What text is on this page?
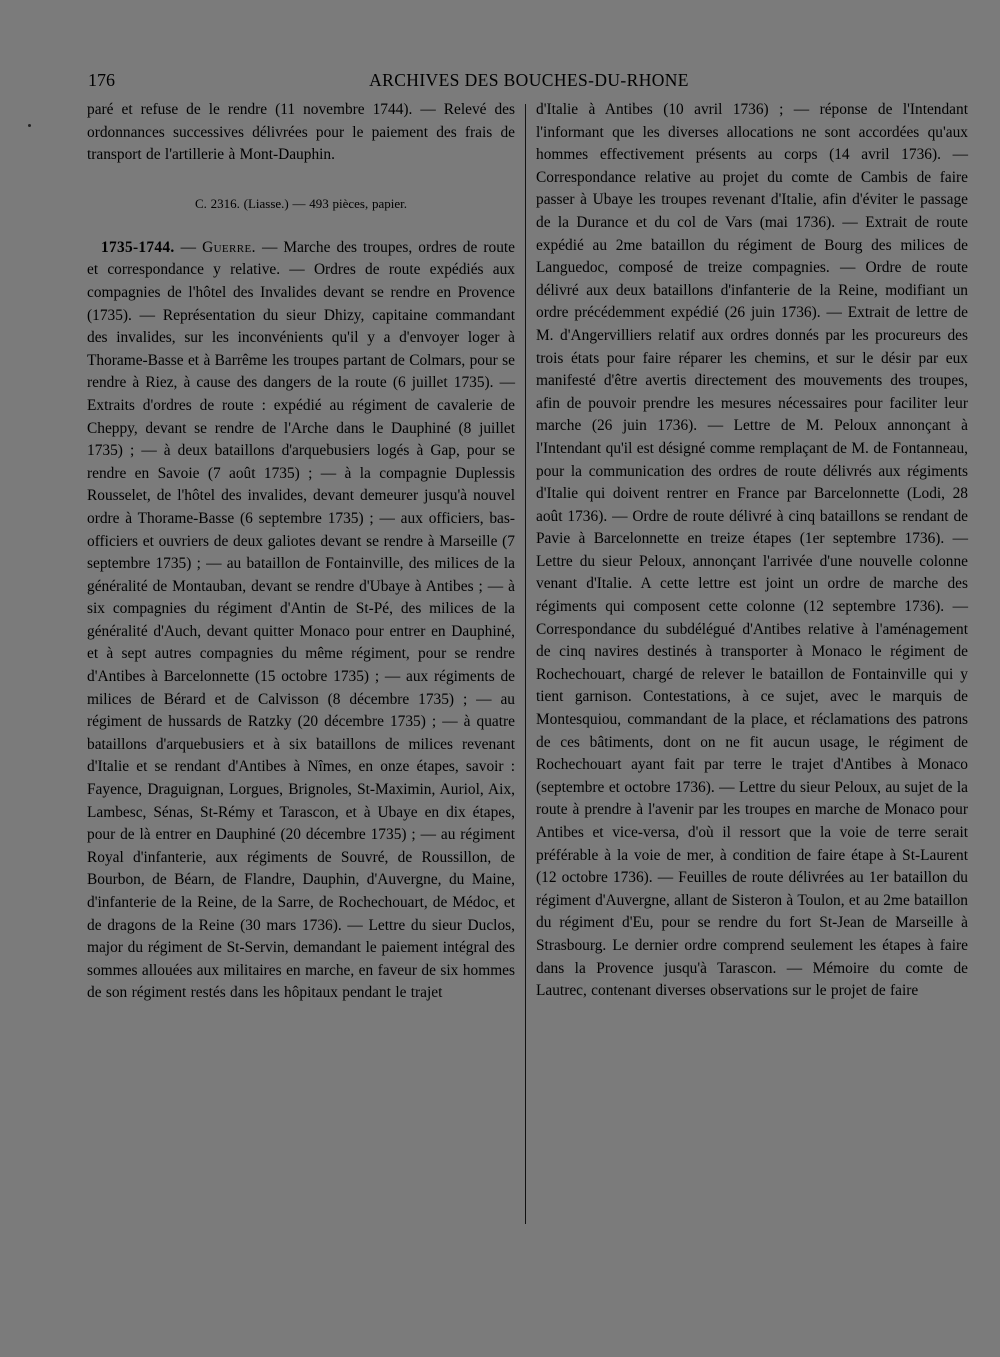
176	ARCHIVES DES BOUCHES-DU-RHONE

paré et refuse de le rendre (11 novembre 1744). — Relevé des ordonnances successives délivrées pour le paiement des frais de transport de l'artillerie à Mont-Dauphin.

C. 2316. (Liasse.) — 493 pièces, papier.

1735-1744. — Guerre. — Marche des troupes, ordres de route et correspondance y relative. — Ordres de route expédiés aux compagnies de l'hôtel des Invalides devant se rendre en Provence (1735). — Représentation du sieur Dhizy, capitaine commandant des invalides, sur les inconvénients qu'il y a d'envoyer loger à Thorame-Basse et à Barrême les troupes partant de Colmars, pour se rendre à Riez, à cause des dangers de la route (6 juillet 1735). — Extraits d'ordres de route : expédié au régiment de cavalerie de Cheppy, devant se rendre de l'Arche dans le Dauphiné (8 juillet 1735) ; — à deux bataillons d'arquebusiers logés à Gap, pour se rendre en Savoie (7 août 1735) ; — à la compagnie Duplessis Rousselet, de l'hôtel des invalides, devant demeurer jusqu'à nouvel ordre à Thorame-Basse (6 septembre 1735) ; — aux officiers, bas-officiers et ouvriers de deux galiotes devant se rendre à Marseille (7 septembre 1735) ; — au bataillon de Fontainville, des milices de la généralité de Montauban, devant se rendre d'Ubaye à Antibes ; — à six compagnies du régiment d'Antin de St-Pé, des milices de la généralité d'Auch, devant quitter Monaco pour entrer en Dauphiné, et à sept autres compagnies du même régiment, pour se rendre d'Antibes à Barcelonnette (15 octobre 1735) ; — aux régiments de milices de Bérard et de Calvisson (8 décembre 1735) ; — au régiment de hussards de Ratzky (20 décembre 1735) ; — à quatre bataillons d'arquebusiers et à six bataillons de milices revenant d'Italie et se rendant d'Antibes à Nîmes, en onze étapes, savoir : Fayence, Draguignan, Lorgues, Brignoles, St-Maximin, Auriol, Aix, Lambesc, Sénas, St-Rémy et Tarascon, et à Ubaye en dix étapes, pour de là entrer en Dauphiné (20 décembre 1735) ; — au régiment Royal d'infanterie, aux régiments de Souvré, de Roussillon, de Bourbon, de Béarn, de Flandre, Dauphin, d'Auvergne, du Maine, d'infanterie de la Reine, de la Sarre, de Rochechouart, de Médoc, et de dragons de la Reine (30 mars 1736). — Lettre du sieur Duclos, major du régiment de St-Servin, demandant le paiement intégral des sommes allouées aux militaires en marche, en faveur de six hommes de son régiment restés dans les hôpitaux pendant le trajet

d'Italie à Antibes (10 avril 1736) ; — réponse de l'Intendant l'informant que les diverses allocations ne sont accordées qu'aux hommes effectivement présents au corps (14 avril 1736). — Correspondance relative au projet du comte de Cambis de faire passer à Ubaye les troupes revenant d'Italie, afin d'éviter le passage de la Durance et du col de Vars (mai 1736). — Extrait de route expédié au 2me bataillon du régiment de Bourg des milices de Languedoc, composé de treize compagnies. — Ordre de route délivré aux deux bataillons d'infanterie de la Reine, modifiant un ordre précédemment expédié (26 juin 1736). — Extrait de lettre de M. d'Angervilliers relatif aux ordres donnés par les procureurs des trois états pour faire réparer les chemins, et sur le désir par eux manifesté d'être avertis directement des mouvements des troupes, afin de pouvoir prendre les mesures nécessaires pour faciliter leur marche (26 juin 1736). — Lettre de M. Peloux annonçant à l'Intendant qu'il est désigné comme remplaçant de M. de Fontanneau, pour la communication des ordres de route délivrés aux régiments d'Italie qui doivent rentrer en France par Barcelonnette (Lodi, 28 août 1736). — Ordre de route délivré à cinq bataillons se rendant de Pavie à Barcelonnette en treize étapes (1er septembre 1736). — Lettre du sieur Peloux, annonçant l'arrivée d'une nouvelle colonne venant d'Italie. A cette lettre est joint un ordre de marche des régiments qui composent cette colonne (12 septembre 1736). — Correspondance du subdélégué d'Antibes relative à l'aménagement de cinq navires destinés à transporter à Monaco le régiment de Rochechouart, chargé de relever le bataillon de Fontainville qui y tient garnison. Contestations, à ce sujet, avec le marquis de Montesquiou, commandant de la place, et réclamations des patrons de ces bâtiments, dont on ne fit aucun usage, le régiment de Rochechouart ayant fait par terre le trajet d'Antibes à Monaco (septembre et octobre 1736). — Lettre du sieur Peloux, au sujet de la route à prendre à l'avenir par les troupes en marche de Monaco pour Antibes et vice-versa, d'où il ressort que la voie de terre serait préférable à la voie de mer, à condition de faire étape à St-Laurent (12 octobre 1736). — Feuilles de route délivrées au 1er bataillon du régiment d'Auvergne, allant de Sisteron à Toulon, et au 2me bataillon du régiment d'Eu, pour se rendre du fort St-Jean de Marseille à Strasbourg. Le dernier ordre comprend seulement les étapes à faire dans la Provence jusqu'à Tarascon. — Mémoire du comte de Lautrec, contenant diverses observations sur le projet de faire
